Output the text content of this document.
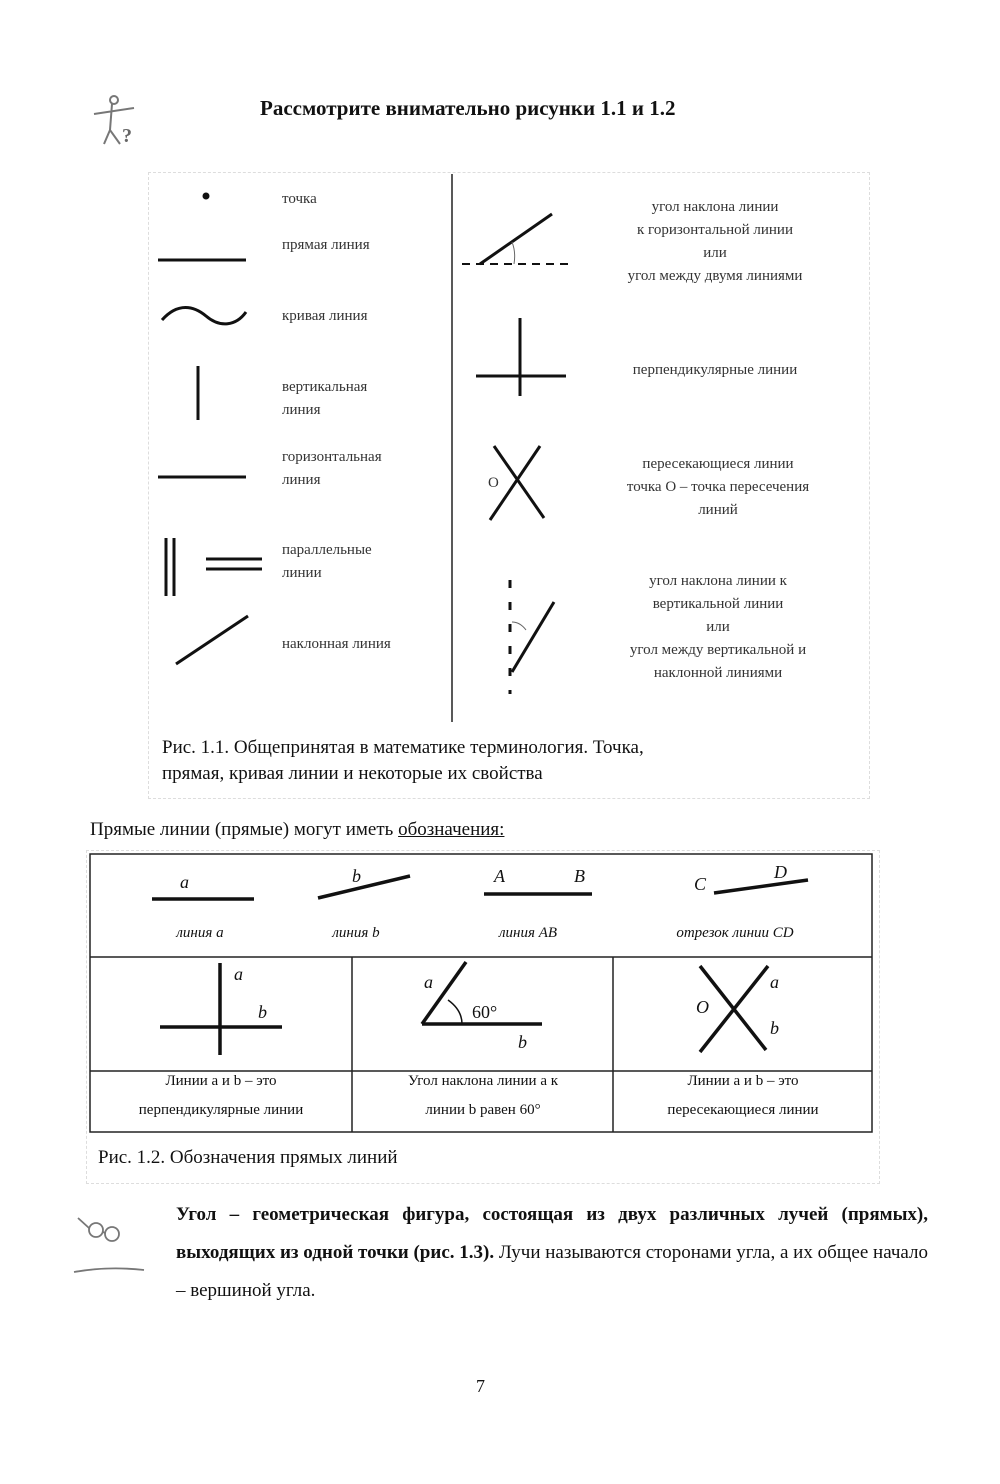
?
Рассмотрите внимательно рисунки 1.1 и 1.2
O
точка
прямая линия
кривая линия
вертикальная
линия
горизонтальная
линия
параллельные
линии
наклонная линия
угол наклона линии
к горизонтальной линии
или
угол между двумя линиями
перпендикулярные линии
пересекающиеся линии
точка О – точка пересечения
линий
угол наклона линии к
вертикальной линии
или
угол между вертикальной и
наклонной линиями
Рис. 1.1. Общепринятая в математике терминология. Точка,
прямая, кривая линии и некоторые их свойства
Прямые линии (прямые) могут иметь обозначения:
a	b	A	B	C
D
a
b
a
b
a
b
O
60°
линия a	линия b	линия AB	отрезок линии CD
Линии a и b – это
перпендикулярные линии
Угол наклона линии a к
линии b равен 60°
Линии a и b – это
пересекающиеся линии
Рис. 1.2. Обозначения прямых линий
Угол – геометрическая фигура, состоящая из двух различных лучей (прямых), выходящих из одной точки (рис. 1.3). Лучи называются сторонами угла, а их общее начало – вершиной угла.
7
